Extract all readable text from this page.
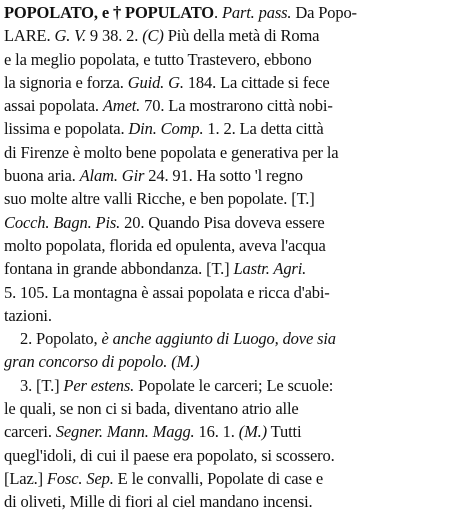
POPOLATO, e † POPULATO. Part. pass. Da Popo-
LARE. G. V. 9 38. 2. (C) Più della metà di Roma
e la meglio popolata, e tutto Trastevero, ebbono
la signoria e forza. Guid. G. 184. La cittade si fece
assai popolata. Amet. 70. La mostrarono città nobi-
lissima e popolata. Din. Comp. 1. 2. La detta città
di Firenze è molto bene popolata e generativa per la
buona aria. Alam. Gir 24. 91. Ha sotto 'l regno
suo molte altre valli Ricche, e ben popolate. [T.]
Cocch. Bagn. Pis. 20. Quando Pisa doveva essere
molto popolata, florida ed opulenta, aveva l'acqua
fontana in grande abbondanza. [T.] Lastr. Agri.
5. 105. La montagna è assai popolata e ricca d'abi-
tazioni.
2. Popolato, è anche aggiunto di Luogo, dove sia
gran concorso di popolo. (M.)
3. [T.] Per estens. Popolate le carceri; Le scuole:
le quali, se non ci si bada, diventano atrio alle
carceri. Segner. Mann. Magg. 16. 1. (M.) Tutti
quegl'idoli, di cui il paese era popolato, si scossero.
[Laz.] Fosc. Sep. E le convalli, Popolate di case e
di oliveti, Mille di fiori al ciel mandano incensi.
